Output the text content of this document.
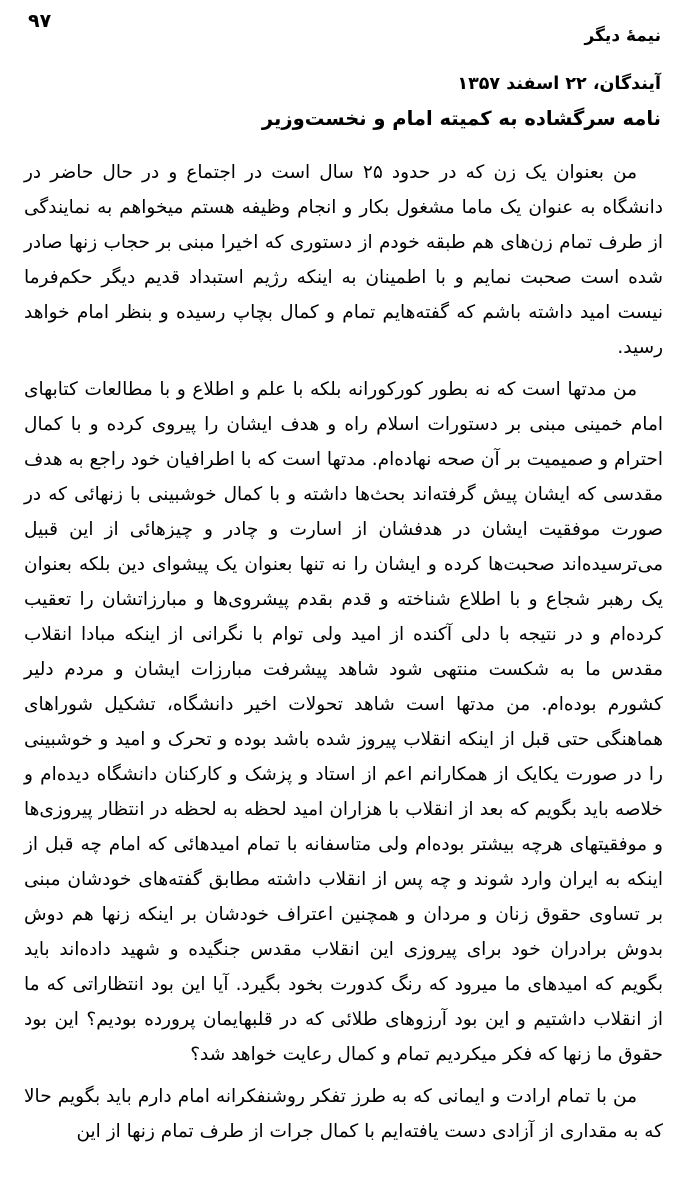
۹۷
نیمهٔ دیگر
آیندگان، ۲۲ اسفند ۱۳۵۷
نامه سرگشاده به کمیته امام و نخست‌وزیر

من بعنوان یک زن که در حدود ۲۵ سال است در اجتماع و در حال حاضر در دانشگاه به عنوان یک ماما مشغول بکار و انجام وظیفه هستم میخواهم به نمایندگی از طرف تمام زن‌های هم طبقه خودم از دستوری که اخیرا مبنی بر حجاب زنها صادر شده است صحبت نمایم و با اطمینان به اینکه رژیم استبداد قدیم دیگر حکم‌فرما نیست امید داشته باشم که گفته‌هایم تمام و کمال بچاپ رسیده و بنظر امام خواهد رسید.

من مدتها است که نه بطور کورکورانه بلکه با علم و اطلاع و با مطالعات کتابهای امام خمینی مبنی بر دستورات اسلام راه و هدف ایشان را پیروی کرده و با کمال احترام و صمیمیت بر آن صحه نهاده‌ام. مدتها است که با اطرافیان خود راجع به هدف مقدسی که ایشان پیش گرفته‌اند بحث‌ها داشته و با کمال خوشبینی با زنهائی که در صورت موفقیت ایشان در هدفشان از اسارت و چادر و چیزهائی از این قبیل می‌ترسیده‌اند صحبت‌ها کرده و ایشان را نه تنها بعنوان یک پیشوای دین بلکه بعنوان یک رهبر شجاع و با اطلاع شناخته و قدم بقدم پیشروی‌ها و مبارزاتشان را تعقیب کرده‌ام و در نتیجه با دلی آکنده از امید ولی توام با نگرانی از اینکه مبادا انقلاب مقدس ما به شکست منتهی شود شاهد پیشرفت مبارزات ایشان و مردم دلیر کشورم بوده‌ام. من مدتها است شاهد تحولات اخیر دانشگاه، تشکیل شوراهای هماهنگی حتی قبل از اینکه انقلاب پیروز شده باشد بوده و تحرک و امید و خوشبینی را در صورت یکایک از همکارانم اعم از استاد و پزشک و کارکنان دانشگاه دیده‌ام و خلاصه باید بگویم که بعد از انقلاب با هزاران امید لحظه به لحظه در انتظار پیروزی‌ها و موفقیتهای هرچه بیشتر بوده‌ام ولی متاسفانه با تمام امیدهائی که امام چه قبل از اینکه به ایران وارد شوند و چه پس از انقلاب داشته مطابق گفته‌های خودشان مبنی بر تساوی حقوق زنان و مردان و همچنین اعتراف خودشان بر اینکه زنها هم دوش بدوش برادران خود برای پیروزی این انقلاب مقدس جنگیده و شهید داده‌اند باید بگویم که امیدهای ما میرود که رنگ کدورت بخود بگیرد. آیا این بود انتظاراتی که ما از انقلاب داشتیم و این بود آرزوهای طلائی که در قلبهایمان پرورده بودیم؟ این بود حقوق ما زنها که فکر میکردیم تمام و کمال رعایت خواهد شد؟

من با تمام ارادت و ایمانی که به طرز تفکر روشنفکرانه امام دارم باید بگویم حالا که به مقداری از آزادی دست یافته‌ایم با کمال جرات از طرف تمام زنها از این
